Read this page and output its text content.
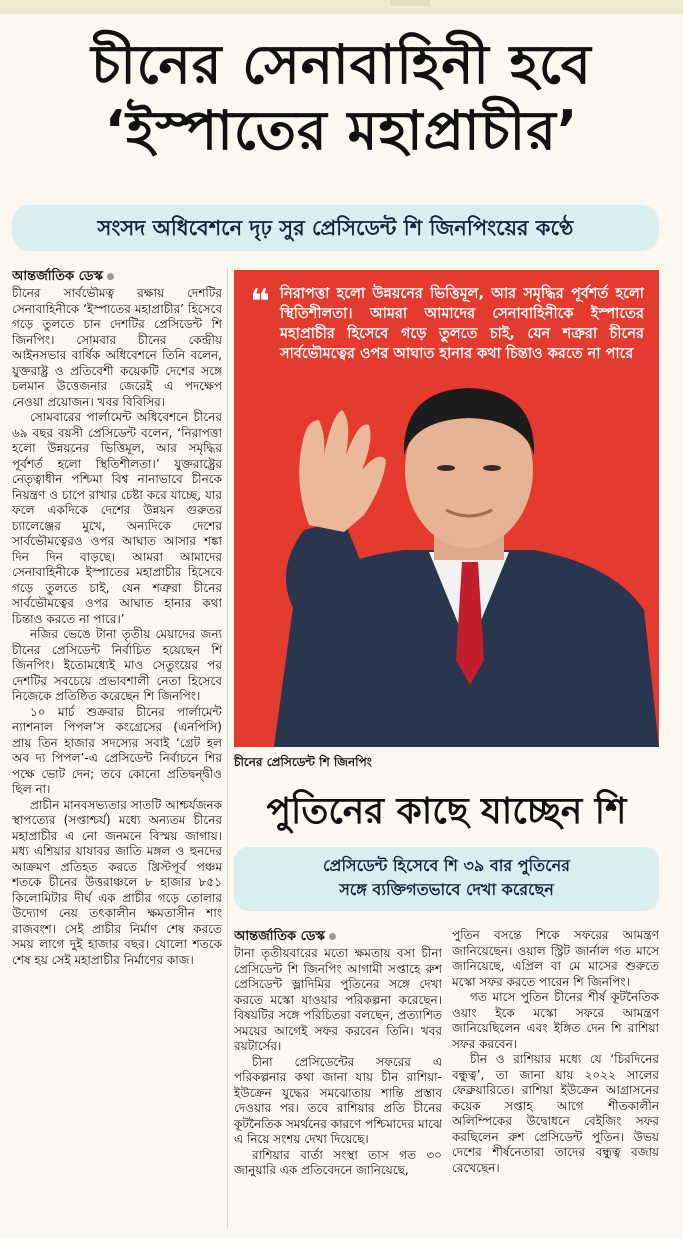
চীনের সেনাবাহিনী হবে
‘ইস্পাতের মহাপ্রাচীর’
সংসদ অধিবেশনে দৃঢ় সুর প্রেসিডেন্ট শি জিনপিংয়ের কণ্ঠে
আন্তর্জাতিক ডেস্ক

চীনের সার্বভৌমত্ব রক্ষায় দেশটির সেনাবাহিনীকে ‘ইস্পাতের মহাপ্রাচীর’ হিসেবে গড়ে তুলতে চান দেশটির প্রেসিডেন্ট শি জিনপিং। সোমবার চীনের কেন্দ্রীয় আইনসভার বার্ষিক অধিবেশনে তিনি বলেন, যুক্তরাষ্ট্র ও প্রতিবেশী কয়েকটি দেশের সঙ্গে চলমান উত্তেজনার জেরেই এ পদক্ষেপ নেওয়া প্রয়োজন। খবর বিবিসির।

সোমবারের পার্লামেন্ট অধিবেশনে চীনের ৬৯ বছর বয়সী প্রেসিডেন্ট বলেন, ‘নিরাপত্তা হলো উন্নয়নের ভিত্তিমূল, আর সমৃদ্ধির পূর্বশর্ত হলো স্থিতিশীলতা।’ যুক্তরাষ্ট্রের নেতৃত্বাধীন পশ্চিমা বিশ্ব নানাভাবে চীনকে নিয়ন্ত্রণ ও চাপে রাখার চেষ্টা করে যাচ্ছে, যার ফলে একদিকে দেশের উন্নয়ন গুরুতর চ্যালেঞ্জের মুখে, অন্যদিকে দেশের সার্বভৌমত্বেরও ওপর আঘাত আসার শঙ্কা দিন দিন বাড়ছে। আমরা আমাদের সেনাবাহিনীকে ইস্পাতের মহাপ্রাচীর হিসেবে গড়ে তুলতে চাই, যেন শত্রুরা চীনের সার্বভৌমত্বের ওপর আঘাত হানার কথা চিন্তাও করতে না পারে।’

নজির ভেঙে টানা তৃতীয় মেয়াদের জন্য চীনের প্রেসিডেন্ট নির্বাচিত হয়েছেন শি জিনপিং। ইতোমধ্যেই মাও সেতুংয়ের পর দেশটির সবচেয়ে প্রভাবশালী নেতা হিসেবে নিজেকে প্রতিষ্ঠিত করেছেন শি জিনপিং।

১০ মার্চ শুক্রবার চীনের পার্লামেন্ট ন্যাশনাল পিপল’স কংগ্রেসের (এনপিসি) প্রায় তিন হাজার সদস্যের সবাই ‘গ্রেট হল অব দ্য পিপল’-এ প্রেসিডেন্ট নির্বাচনে শির পক্ষে ভোট দেন; তবে কোনো প্রতিদ্বন্দ্বীও ছিল না।

প্রাচীন মানবসভ্যতার সাতটি আশ্চর্যজনক স্থাপত্যের (সপ্তাশ্চর্য) মধ্যে অন্যতম চীনের মহাপ্রাচীর এ নো জনমনে বিস্ময় জাগায়। মধ্য এশিয়ার যাযাবর জাতি মঙ্গল ও হুনদের আক্রমণ প্রতিহত করতে খ্রিস্টপূর্ব পঞ্চম শতকে চীনের উত্তরাঞ্চলে ৮ হাজার ৮৫১ কিলোমিটার দীর্ঘ এক প্রাচীর গড়ে তোলার উদ্যোগ নেয় তৎকালীন ক্ষমতাসীন শাং রাজবংশ। সেই প্রাচীর নির্মাণ শেষ করতে সময় লাগে দুই হাজার বছর। যোলো শতকে শেষ হয় সেই মহাপ্রাচীর নির্মাণের কাজ।

❝ নিরাপত্তা হলো উন্নয়নের ভিত্তিমূল, আর সমৃদ্ধির পূর্বশর্ত হলো স্থিতিশীলতা। আমরা আমাদের সেনাবাহিনীকে ইস্পাতের মহাপ্রাচীর হিসেবে গড়ে তুলতে চাই, যেন শত্রুরা চীনের সার্বভৌমত্বের ওপর আঘাত হানার কথা চিন্তাও করতে না পারে
চীনের প্রেসিডেন্ট শি জিনপিং
পুতিনের কাছে যাচ্ছেন শি
প্রেসিডেন্ট হিসেবে শি ৩৯ বার পুতিনের
সঙ্গে ব্যক্তিগতভাবে দেখা করেছেন
আন্তর্জাতিক ডেস্ক

টানা তৃতীয়বারের মতো ক্ষমতায় বসা চীনা প্রেসিডেন্ট শি জিনপিং আগামী সপ্তাহে রুশ প্রেসিডেন্ট ভ্লাদিমির পুতিনের সঙ্গে দেখা করতে মস্কো যাওয়ার পরিকল্পনা করেছেন। বিষয়টির সঙ্গে পরিচিতরা বলছেন, প্রত্যাশিত সময়ের আগেই সফর করবেন তিনি। খবর রয়টার্সের।

চীনা প্রেসিডেন্টের সফরের এ পরিকল্পনার কথা জানা যায় চীন রাশিয়া-ইউক্রেন যুদ্ধের সমঝোতায় শান্তি প্রস্তাব দেওয়ার পর। তবে রাশিয়ার প্রতি চীনের কূটনৈতিক সমর্থনের কারণে পশ্চিমাদের মাঝে এ নিয়ে সংশয় দেখা দিয়েছে।

রাশিয়ার বার্তা সংস্থা তাস গত ৩০ জানুয়ারি এক প্রতিবেদনে জানিয়েছে,

পুতিন বসন্তে শিকে সফরের আমন্ত্রণ জানিয়েছেন। ওয়াল স্ট্রিট জার্নাল গত মাসে জানিয়েছে, এপ্রিল বা মে মাসের শুরুতে মস্কো সফর করতে পারেন শি জিনপিং।

গত মাসে পুতিন চীনের শীর্ষ কূটনৈতিক ওয়াং ইকে মস্কো সফরে আমন্ত্রণ জানিয়েছিলেন এবং ইঙ্গিত দেন শি রাশিয়া সফর করবেন।

চীন ও রাশিয়ার মধ্যে যে ‘চিরদিনের বন্ধুত্ব’, তা জানা যায় ২০২২ সালের ফেব্রুয়ারিতে। রাশিয়া ইউক্রেন আগ্রাসনের কয়েক সপ্তাহ আগে শীতকালীন অলিম্পিকের উদ্বোধনে বেইজিং সফর করছিলেন রুশ প্রেসিডেন্ট পুতিন। উভয় দেশের শীর্ষনেতারা তাদের বন্ধুত্ব বজায় রেখেছেন।
